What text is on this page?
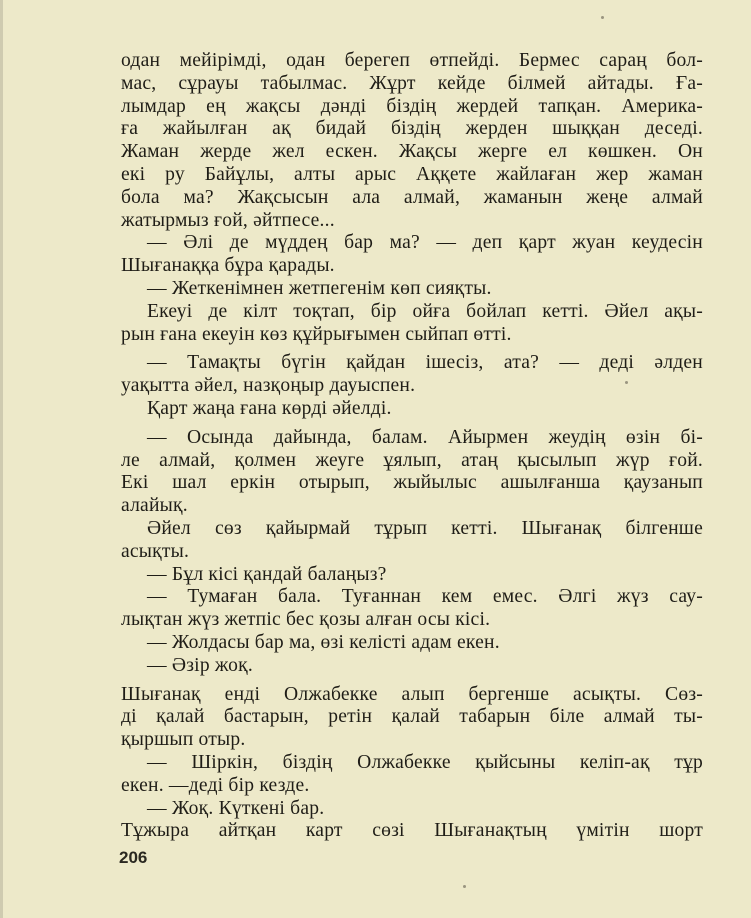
одан мейірімді, одан берегеп өтпейді. Бермес сараң бол-
мас, сұрауы табылмас. Жұрт кейде білмей айтады. Ға-
лымдар ең жақсы дәнді біздің жердей тапқан. Америка-
ға жайылған ақ бидай біздің жерден шыққан деседі.
Жаман жерде жел ескен. Жақсы жерге ел көшкен. Он
екі ру Байұлы, алты арыс Аққете жайлаған жер жаман
бола ма? Жақсысын ала алмай, жаманын жеңе алмай
жатырмыз ғой, әйтпесе...
— Әлі де мүддең бар ма? — деп қарт жуан кеудесін
Шығанаққа бұра қарады.
— Жеткенімнен жетпегенім көп сияқты.
Екеуі де кілт тоқтап, бір ойға бойлап кетті. Әйел ақы-
рын ғана екеуін көз құйрығымен сыйпап өтті.
— Тамақты бүгін қайдан ішесіз, ата? — деді әлден
уақытта әйел, назқоңыр дауыспен.
Қарт жаңа ғана көрді әйелді.
— Осында дайында, балам. Айырмен жеудің өзін бі-
ле алмай, қолмен жеуге ұялып, атаң қысылып жүр ғой.
Екі шал еркін отырып, жыйылыс ашылғанша қаузанып
алайық.
Әйел сөз қайырмай тұрып кетті. Шығанақ білгенше
асықты.
— Бұл кісі қандай балаңыз?
— Тумаған бала. Туғаннан кем емес. Әлгі жүз сау-
лықтан жүз жетпіс бес қозы алған осы кісі.
— Жолдасы бар ма, өзі келісті адам екен.
— Әзір жоқ.
Шығанақ енді Олжабекке алып бергенше асықты. Сөз-
ді қалай бастарын, ретін қалай табарын біле алмай ты-
қыршып отыр.
— Шіркін, біздің Олжабекке қыйсыны келіп-ақ тұр
екен. —деді бір кезде.
— Жоқ. Күткені бар.
Тұжыра айтқан карт сөзі Шығанақтың үмітін шорт
206
